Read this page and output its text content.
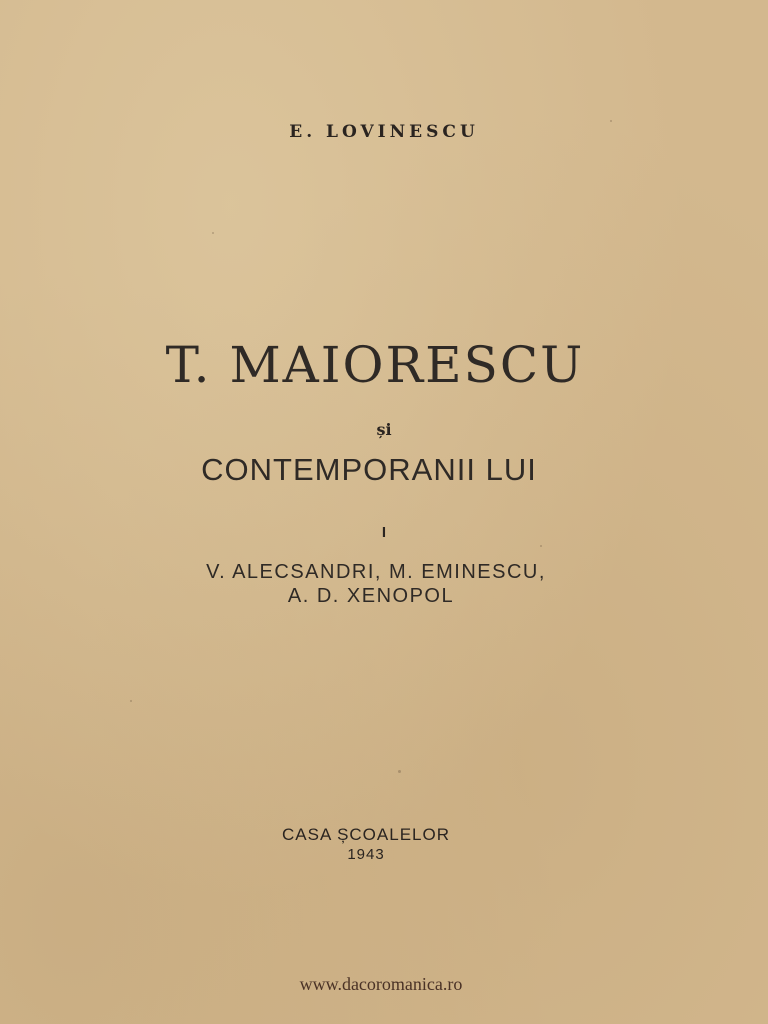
E. LOVINESCU
T. MAIORESCU
și
CONTEMPORANII LUI
I
V. ALECSANDRI, M. EMINESCU,
A. D. XENOPOL
CASA ȘCOALELOR
1943
www.dacoromanica.ro
